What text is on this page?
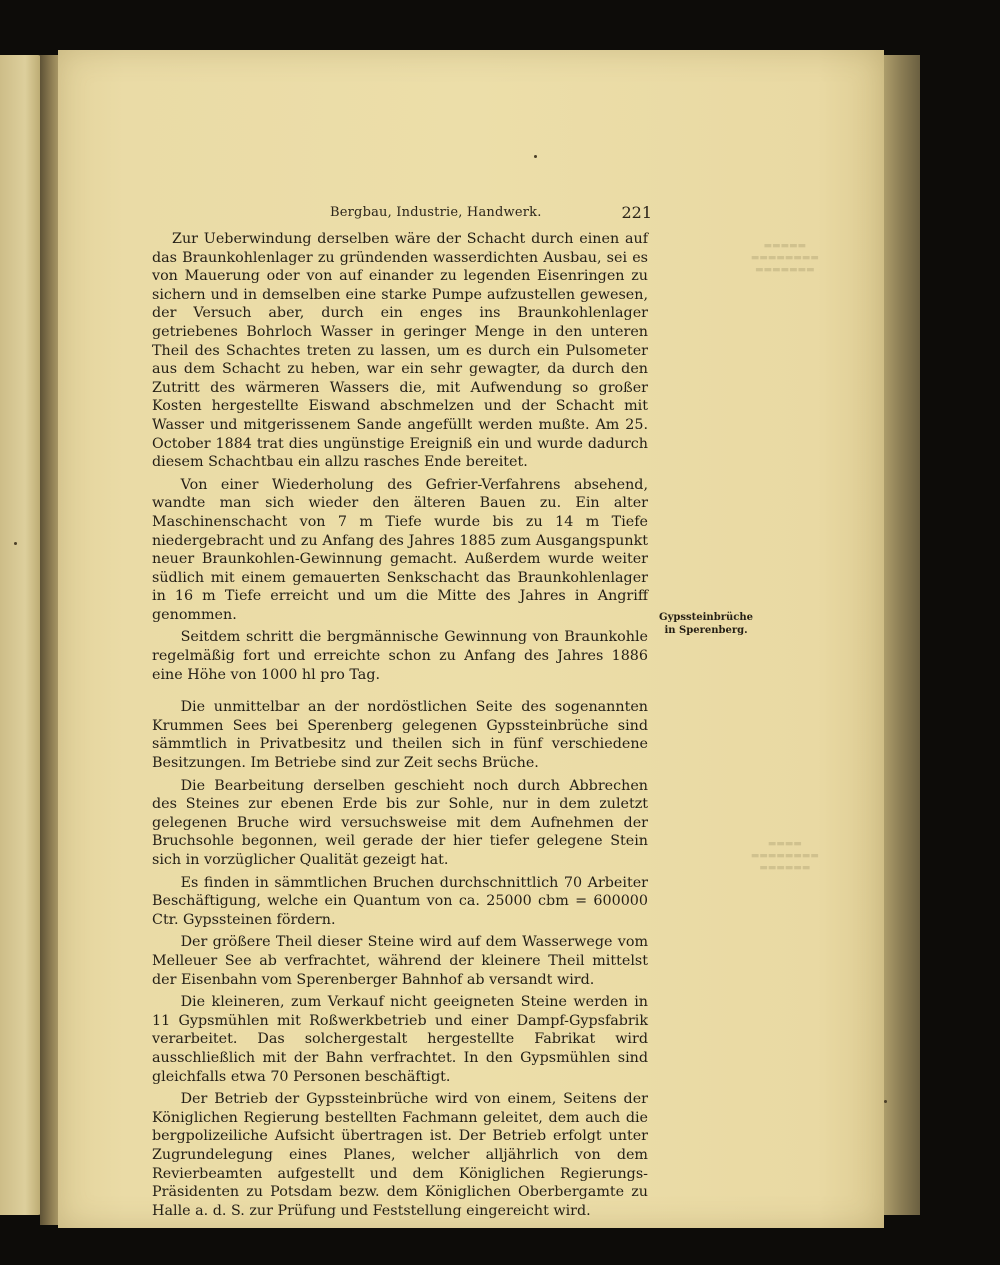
▬▬▬▬▬
▬▬▬▬▬▬▬▬
▬▬▬▬▬▬▬
▬▬▬▬
▬▬▬▬▬▬▬▬
▬▬▬▬▬▬
Bergbau, Industrie, Handwerk.	221

Zur Ueberwindung derselben wäre der Schacht durch einen auf das Braunkohlenlager zu gründenden wasserdichten Ausbau, sei es von Mauerung oder von auf einander zu legenden Eisenringen zu sichern und in demselben eine starke Pumpe aufzustellen gewesen, der Versuch aber, durch ein enges ins Braunkohlenlager getriebenes Bohrloch Wasser in geringer Menge in den unteren Theil des Schachtes treten zu lassen, um es durch ein Pulsometer aus dem Schacht zu heben, war ein sehr gewagter, da durch den Zutritt des wärmeren Wassers die, mit Aufwendung so großer Kosten hergestellte Eiswand abschmelzen und der Schacht mit Wasser und mitgerissenem Sande angefüllt werden mußte. Am 25. October 1884 trat dies ungünstige Ereigniß ein und wurde dadurch diesem Schachtbau ein allzu rasches Ende bereitet.

Von einer Wiederholung des Gefrier-Verfahrens absehend, wandte man sich wieder den älteren Bauen zu. Ein alter Maschinenschacht von 7 m Tiefe wurde bis zu 14 m Tiefe niedergebracht und zu Anfang des Jahres 1885 zum Ausgangspunkt neuer Braunkohlen-Gewinnung gemacht. Außerdem wurde weiter südlich mit einem gemauerten Senkschacht das Braunkohlenlager in 16 m Tiefe erreicht und um die Mitte des Jahres in Angriff genommen.

Seitdem schritt die bergmännische Gewinnung von Braunkohle regelmäßig fort und erreichte schon zu Anfang des Jahres 1886 eine Höhe von 1000 hl pro Tag.

Die unmittelbar an der nordöstlichen Seite des sogenannten Krummen Sees bei Sperenberg gelegenen Gypssteinbrüche sind sämmtlich in Privatbesitz und theilen sich in fünf verschiedene Besitzungen. Im Betriebe sind zur Zeit sechs Brüche.

Die Bearbeitung derselben geschieht noch durch Abbrechen des Steines zur ebenen Erde bis zur Sohle, nur in dem zuletzt gelegenen Bruche wird versuchsweise mit dem Aufnehmen der Bruchsohle begonnen, weil gerade der hier tiefer gelegene Stein sich in vorzüglicher Qualität gezeigt hat.

Es finden in sämmtlichen Bruchen durchschnittlich 70 Arbeiter Beschäftigung, welche ein Quantum von ca. 25000 cbm = 600000 Ctr. Gypssteinen fördern.

Der größere Theil dieser Steine wird auf dem Wasserwege vom Melleuer See ab verfrachtet, während der kleinere Theil mittelst der Eisenbahn vom Sperenberger Bahnhof ab versandt wird.

Die kleineren, zum Verkauf nicht geeigneten Steine werden in 11 Gypsmühlen mit Roßwerkbetrieb und einer Dampf-Gypsfabrik verarbeitet. Das solchergestalt hergestellte Fabrikat wird ausschließlich mit der Bahn verfrachtet. In den Gypsmühlen sind gleichfalls etwa 70 Personen beschäftigt.

Der Betrieb der Gypssteinbrüche wird von einem, Seitens der Königlichen Regierung bestellten Fachmann geleitet, dem auch die bergpolizeiliche Aufsicht übertragen ist. Der Betrieb erfolgt unter Zugrundelegung eines Planes, welcher alljährlich von dem Revierbeamten aufgestellt und dem Königlichen Regierungs-Präsidenten zu Potsdam bezw. dem Königlichen Oberbergamte zu Halle a. d. S. zur Prüfung und Feststellung eingereicht wird.

Gypssteinbrüche in Sperenberg.
